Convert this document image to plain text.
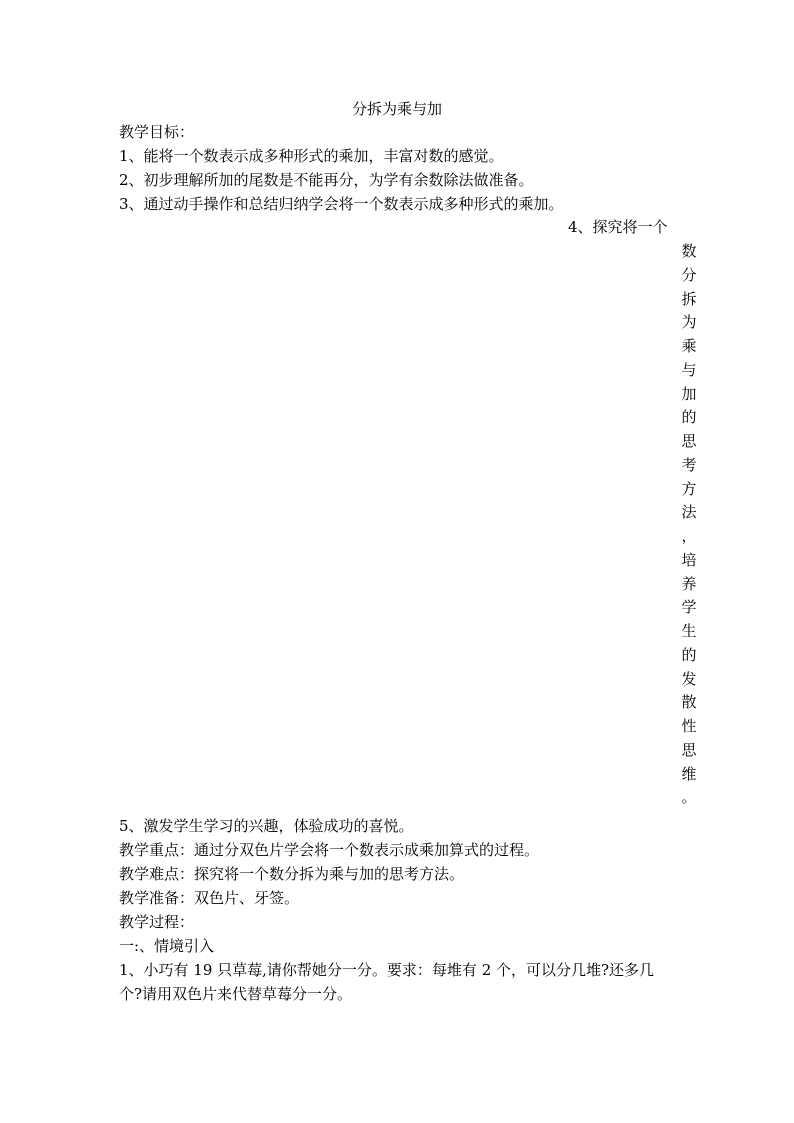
分拆为乘与加
教学目标：
1、能将一个数表示成多种形式的乘加，丰富对数的感觉。
2、初步理解所加的尾数是不能再分，为学有余数除法做准备。
3、通过动手操作和总结归纳学会将一个数表示成多种形式的乘加。
4、探究将一个
数
分
拆
为
乘
与
加
的
思
考
方
法
，
培
养
学
生
的
发
散
性
思
维
。
5、激发学生学习的兴趣，体验成功的喜悦。
教学重点：通过分双色片学会将一个数表示成乘加算式的过程。
教学难点：探究将一个数分拆为乘与加的思考方法。
教学准备：双色片、牙签。
教学过程：
一:、情境引入
1、小巧有 19 只草莓,请你帮她分一分。要求：每堆有 2 个，可以分几堆?还多几
个?请用双色片来代替草莓分一分。
